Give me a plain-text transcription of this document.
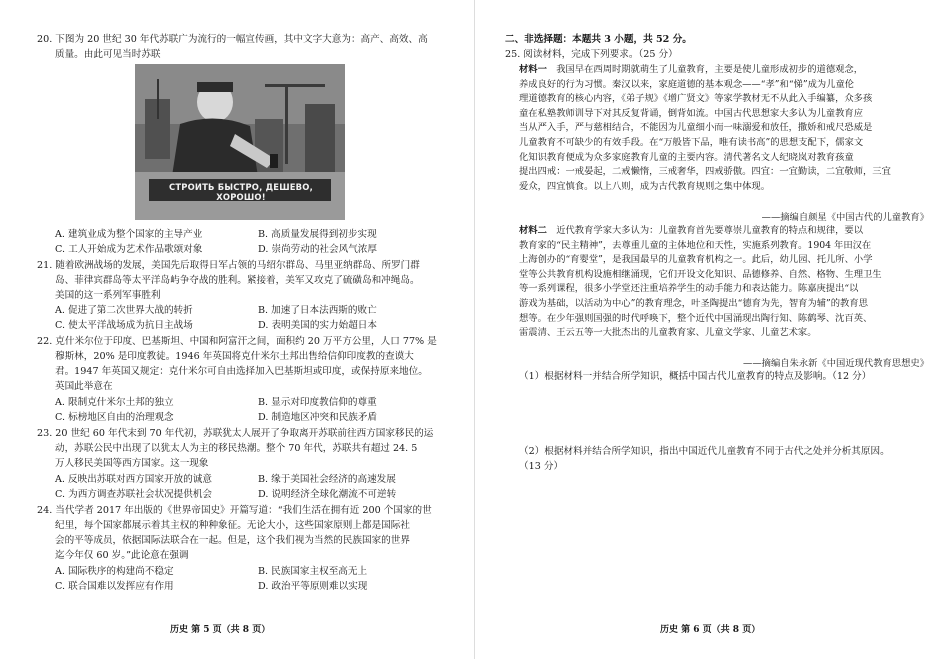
20. 下图为 20 世纪 30 年代苏联广为流行的一幅宣传画，其中文字大意为：高产、高效、高
质量。由此可见当时苏联
СТРОИТЬ БЫСТРО, ДЕШЕВО, ХОРОШО!
A. 建筑业成为整个国家的主导产业	B. 高质量发展得到初步实现
C. 工人开始成为艺术作品歌颂对象	D. 崇尚劳动的社会风气浓厚
21. 随着欧洲战场的发展，美国先后取得日军占领的马绍尔群岛、马里亚纳群岛、所罗门群
岛、菲律宾群岛等太平洋岛屿争夺战的胜利。紧接着，美军又攻克了硫磺岛和冲绳岛。
美国的这一系列军事胜利
A. 促进了第二次世界大战的转折	B. 加速了日本法西斯的败亡
C. 使太平洋战场成为抗日主战场	D. 表明美国的实力始超日本
22. 克什米尔位于印度、巴基斯坦、中国和阿富汗之间，面积约 20 万平方公里，人口 77% 是
穆斯林，20% 是印度教徒。1946 年英国将克什米尔土邦出售给信仰印度教的查谟大
君。1947 年英国又规定：克什米尔可自由选择加入巴基斯坦或印度，或保持原来地位。
英国此举意在
A. 限制克什米尔土邦的独立	B. 显示对印度教信仰的尊重
C. 标榜地区自由的治理观念	D. 制造地区冲突和民族矛盾
23. 20 世纪 60 年代末到 70 年代初，苏联犹太人展开了争取离开苏联前往西方国家移民的运
动，苏联公民中出现了以犹太人为主的移民热潮。整个 70 年代，苏联共有超过 24. 5
万人移民美国等西方国家。这一现象
A. 反映出苏联对西方国家开放的诚意	B. 缘于美国社会经济的高速发展
C. 为西方调查苏联社会状况提供机会	D. 说明经济全球化潮流不可逆转
24. 当代学者 2017 年出版的《世界帝国史》开篇写道：“我们生活在拥有近 200 个国家的世
纪里，每个国家都展示着其主权的种种象征。无论大小，这些国家原则上都是国际社
会的平等成员，依据国际法联合在一起。但是，这个我们视为当然的民族国家的世界
迄今年仅 60 岁。”此论意在强调
A. 国际秩序的构建尚不稳定	B. 民族国家主权至高无上
C. 联合国难以发挥应有作用	D. 政治平等原则难以实现
历史 第 5 页（共 8 页）
二、非选择题：本题共 3 小题，共 52 分。
25. 阅读材料，完成下列要求。（25 分）
材料一　我国早在西周时期就萌生了儿童教育，主要是使儿童形成初步的道德观念，
养成良好的行为习惯。秦汉以来，家庭道德的基本观念——“孝”和“悌”成为儿童伦
理道德教育的核心内容，《弟子规》《增广贤文》等家学教材无不从此入手编纂，众多孩
童在私塾教师训导下对其反复背诵，倒背如流。中国古代思想家大多认为儿童教育应
当从严入手，严与慈相结合，不能因为儿童细小而一味溺爱和放任，撒娇和戒尺恐威是
儿童教育不可缺少的有效手段。在“万般皆下品，唯有读书高”的思想支配下，儒家文
化知识教育便成为众多家庭教育儿童的主要内容。清代著名文人纪晓岚对教育孩童
提出四戒：一戒晏起，二戒懒惰，三戒奢华，四戒骄傲。四宜：一宜勤读，二宜敬师，三宜
爱众，四宜慎食。以上八则，成为古代教育规则之集中体现。
——摘编自颜星《中国古代的儿童教育》
材料二　近代教育学家大多认为：儿童教育首先要尊崇儿童教育的特点和规律，要以
教育家的“民主精神”，去尊重儿童的主体地位和天性，实施系列教育。1904 年田汉在
上海创办的“育婴堂”，是我国最早的儿童教育机构之一。此后，幼儿园、托儿所、小学
堂等公共教育机构设施相继涌现，它们开设文化知识、品德修养、自然、格物、生理卫生
等一系列课程，很多小学堂还注重培养学生的动手能力和表达能力。陈嘉庚提出“以
游戏为基础，以活动为中心”的教育理念，叶圣陶提出“德育为先，智育为辅”的教育思
想等。在少年强则国强的时代呼唤下，整个近代中国涌现出陶行知、陈鹤琴、沈百英、
雷震清、王云五等一大批杰出的儿童教育家、儿童文学家、儿童艺术家。
——摘编自朱永新《中国近现代教育思想史》
（1）根据材料一并结合所学知识，概括中国古代儿童教育的特点及影响。（12 分）
（2）根据材料并结合所学知识，指出中国近代儿童教育不同于古代之处并分析其原因。
（13 分）
历史 第 6 页（共 8 页）
